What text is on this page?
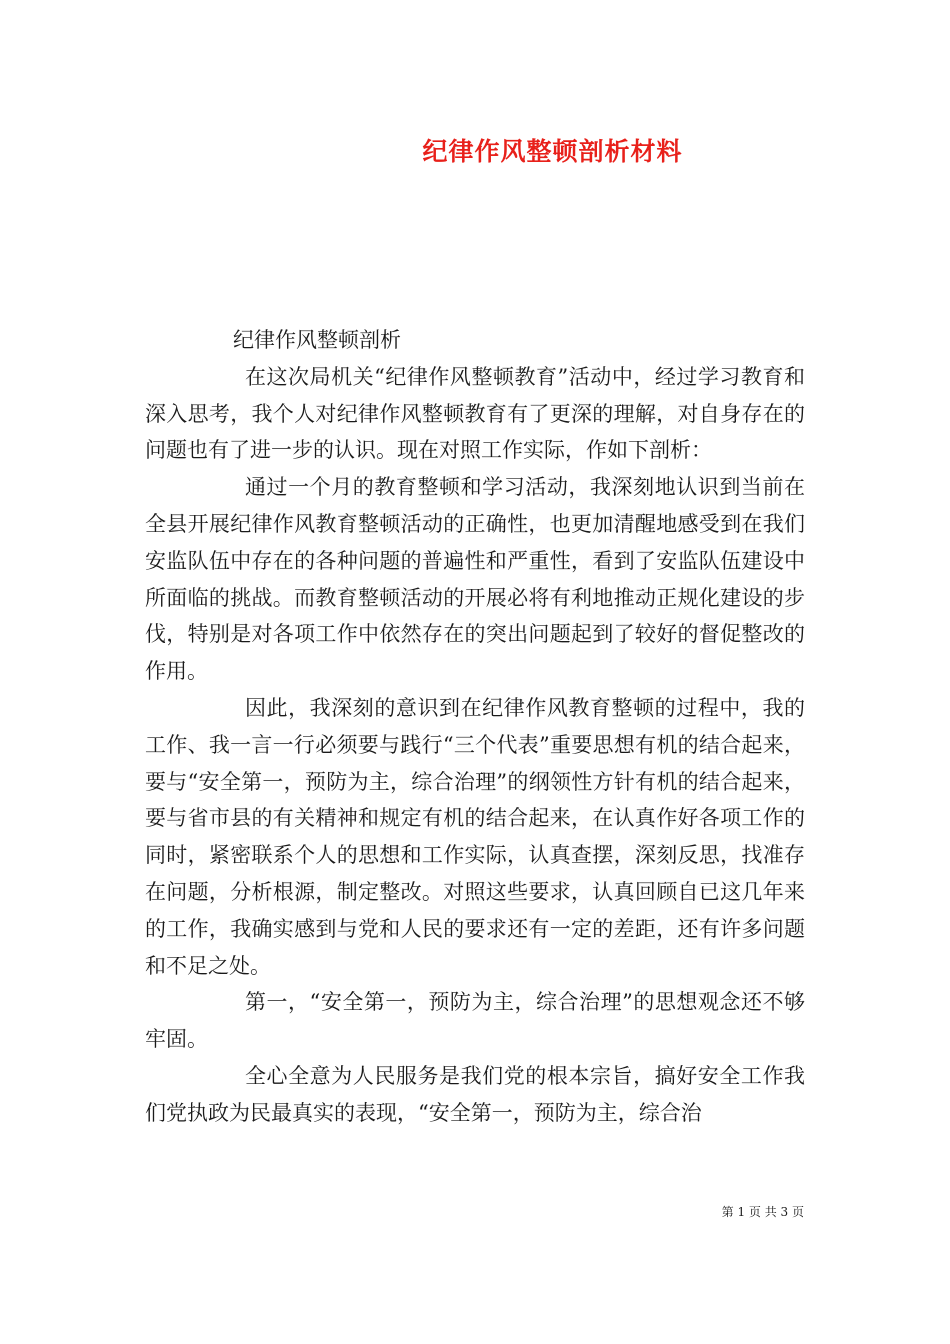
纪律作风整顿剖析材料
纪律作风整顿剖析

在这次局机关“纪律作风整顿教育”活动中，经过学习教育和深入思考，我个人对纪律作风整顿教育有了更深的理解，对自身存在的问题也有了进一步的认识。现在对照工作实际，作如下剖析：

通过一个月的教育整顿和学习活动，我深刻地认识到当前在全县开展纪律作风教育整顿活动的正确性，也更加清醒地感受到在我们安监队伍中存在的各种问题的普遍性和严重性，看到了安监队伍建设中所面临的挑战。而教育整顿活动的开展必将有利地推动正规化建设的步伐，特别是对各项工作中依然存在的突出问题起到了较好的督促整改的作用。

因此，我深刻的意识到在纪律作风教育整顿的过程中，我的工作、我一言一行必须要与践行“三个代表”重要思想有机的结合起来，要与“安全第一，预防为主，综合治理”的纲领性方针有机的结合起来，要与省市县的有关精神和规定有机的结合起来，在认真作好各项工作的同时，紧密联系个人的思想和工作实际，认真查摆，深刻反思，找准存在问题，分析根源，制定整改。对照这些要求，认真回顾自已这几年来的工作，我确实感到与党和人民的要求还有一定的差距，还有许多问题和不足之处。

第一，“安全第一，预防为主，综合治理”的思想观念还不够牢固。

全心全意为人民服务是我们党的根本宗旨，搞好安全工作我们党执政为民最真实的表现，“安全第一，预防为主，综合治

第 1 页 共 3 页
